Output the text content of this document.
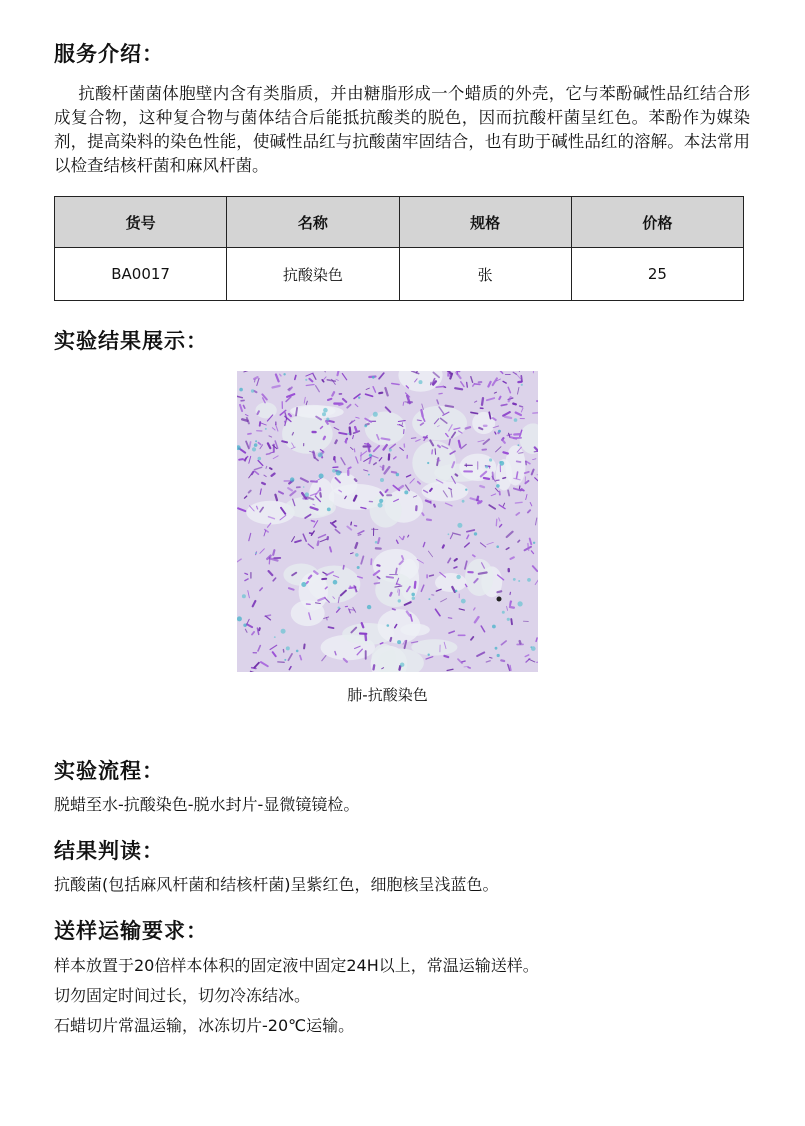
服务介绍：

抗酸杆菌菌体胞壁内含有类脂质，并由糖脂形成一个蜡质的外壳，它与苯酚碱性品红结合形成复合物，这种复合物与菌体结合后能抵抗酸类的脱色，因而抗酸杆菌呈红色。苯酚作为媒染剂，提高染料的染色性能，使碱性品红与抗酸菌牢固结合，也有助于碱性品红的溶解。本法常用以检查结核杆菌和麻风杆菌。

货号	名称	规格	价格
BA0017	抗酸染色	张	25
实验结果展示：

肺-抗酸染色

实验流程：

脱蜡至水-抗酸染色-脱水封片-显微镜镜检。

结果判读：

抗酸菌(包括麻风杆菌和结核杆菌)呈紫红色，细胞核呈浅蓝色。

送样运输要求：

样本放置于20倍样本体积的固定液中固定24H以上，常温运输送样。

切勿固定时间过长，切勿冷冻结冰。

石蜡切片常温运输，冰冻切片-20℃运输。
